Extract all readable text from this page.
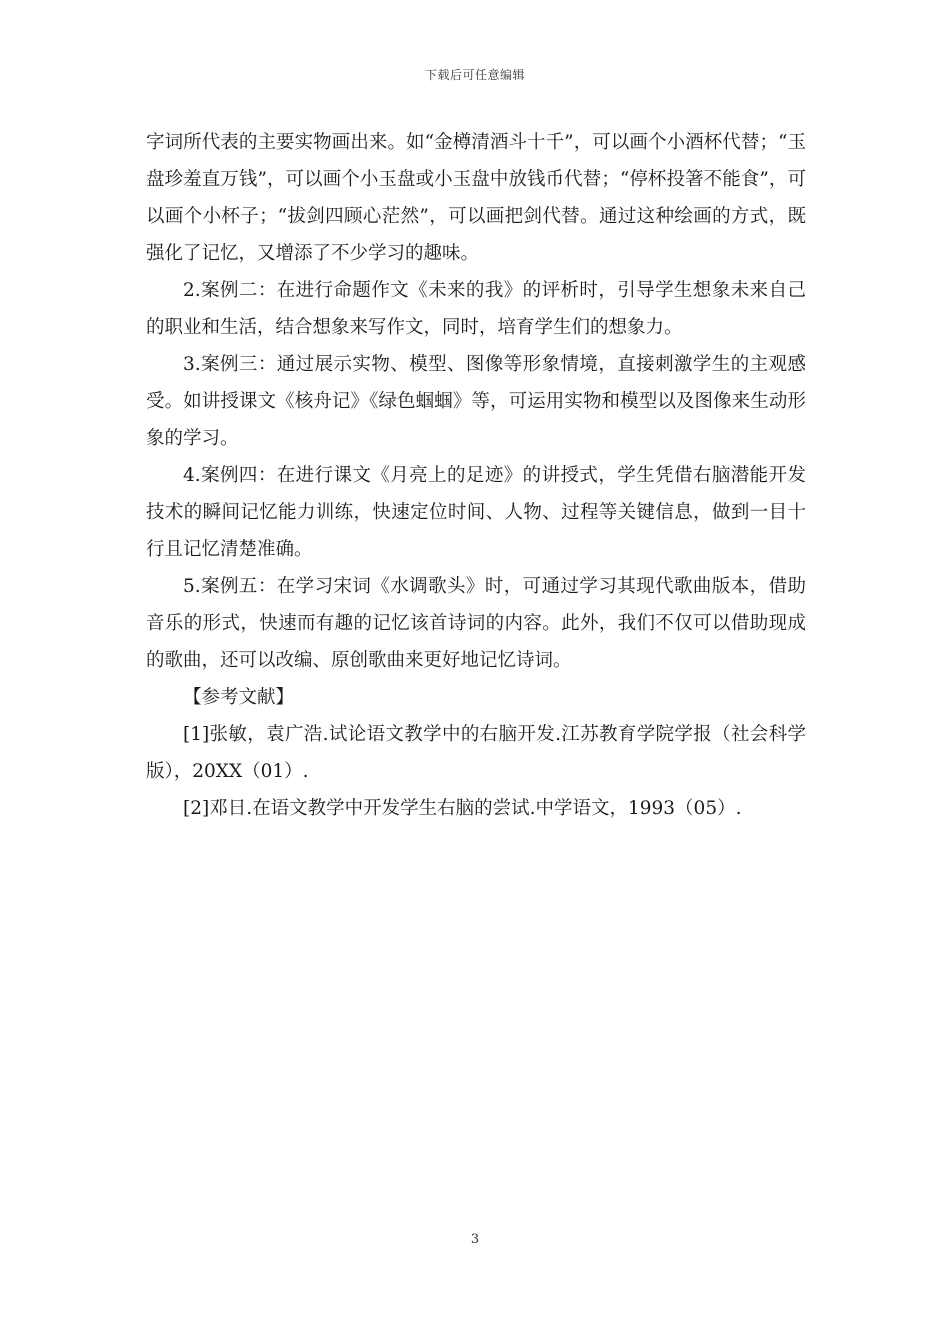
下载后可任意编辑

字词所代表的主要实物画出来。如“金樽清酒斗十千”，可以画个小酒杯代替；“玉盘珍羞直万钱”，可以画个小玉盘或小玉盘中放钱币代替；“停杯投箸不能食”，可以画个小杯子；“拔剑四顾心茫然”，可以画把剑代替。通过这种绘画的方式，既强化了记忆，又增添了不少学习的趣味。

2.案例二：在进行命题作文《未来的我》的评析时，引导学生想象未来自己的职业和生活，结合想象来写作文，同时，培育学生们的想象力。

3.案例三：通过展示实物、模型、图像等形象情境，直接刺激学生的主观感受。如讲授课文《核舟记》《绿色蝈蝈》等，可运用实物和模型以及图像来生动形象的学习。

4.案例四：在进行课文《月亮上的足迹》的讲授式，学生凭借右脑潜能开发技术的瞬间记忆能力训练，快速定位时间、人物、过程等关键信息，做到一目十行且记忆清楚准确。

5.案例五：在学习宋词《水调歌头》时，可通过学习其现代歌曲版本，借助音乐的形式，快速而有趣的记忆该首诗词的内容。此外，我们不仅可以借助现成的歌曲，还可以改编、原创歌曲来更好地记忆诗词。

【参考文献】

[1]张敏，袁广浩.试论语文教学中的右脑开发.江苏教育学院学报（社会科学版），20XX（01）.

[2]邓日.在语文教学中开发学生右脑的尝试.中学语文，1993（05）.

3
